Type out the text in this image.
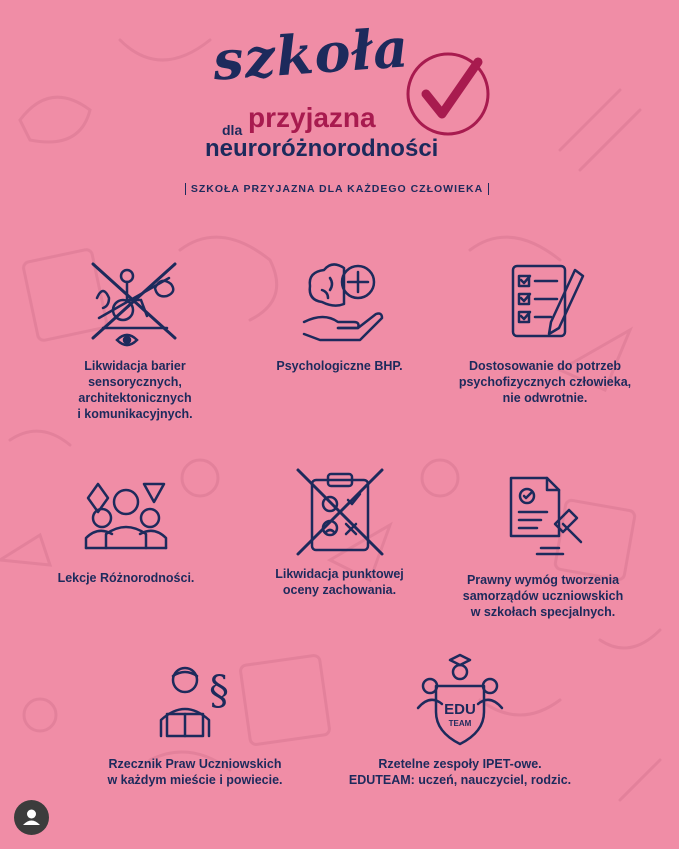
szkoła
dla przyjazna
neuroróżnorodności
SZKOŁA PRZYJAZNA DLA KAŻDEGO CZŁOWIEKA
Likwidacja barier
sensorycznych,
architektonicznych
i komunikacyjnych.
Psychologiczne BHP.	Dostosowanie do potrzeb
psychofizycznych człowieka,
nie odwrotnie.
Lekcje Różnorodności.	Likwidacja punktowej
oceny zachowania.
Prawny wymóg tworzenia
samorządów uczniowskich
w szkołach specjalnych.
§
Rzecznik Praw Uczniowskich
w każdym mieście i powiecie.
EDU
TEAM
Rzetelne zespoły IPET-owe.
EDUTEAM: uczeń, nauczyciel, rodzic.
